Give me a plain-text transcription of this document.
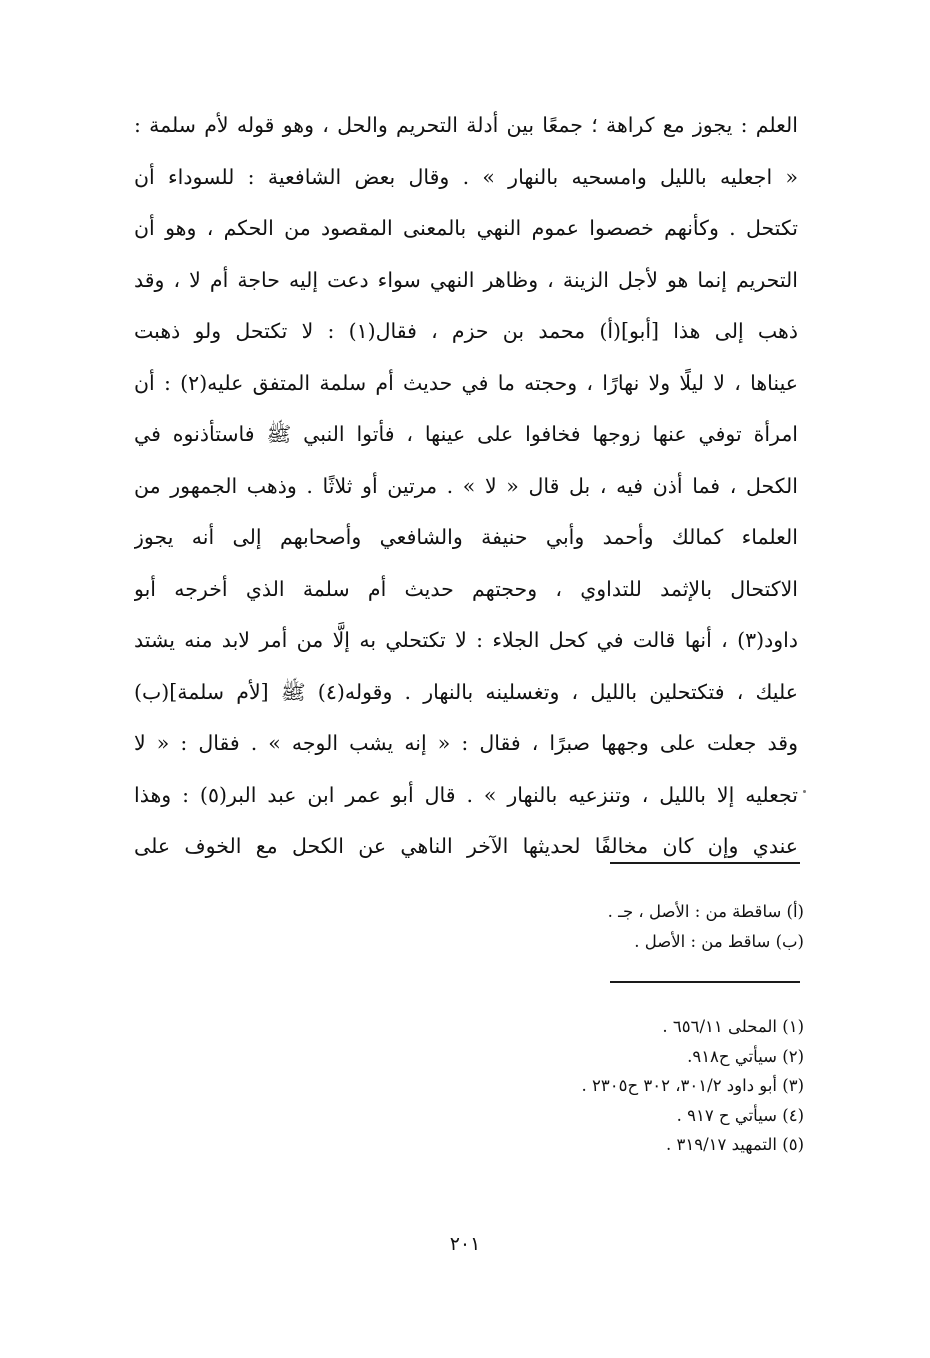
العلم : يجوز مع كراهة ؛ جمعًا بين أدلة التحريم والحل ، وهو قوله لأم سلمة :
« اجعليه بالليل وامسحيه بالنهار » . وقال بعض الشافعية : للسوداء أن
تكتحل . وكأنهم خصصوا عموم النهي بالمعنى المقصود من الحكم ، وهو أن
التحريم إنما هو لأجل الزينة ، وظاهر النهي سواء دعت إليه حاجة أم لا ، وقد
ذهب إلى هذا [أبو](أ) محمد بن حزم ، فقال(١) : لا تكتحل ولو ذهبت
عيناها ، لا ليلًا ولا نهارًا ، وحجته ما في حديث أم سلمة المتفق عليه(٢) : أن
امرأة توفي عنها زوجها فخافوا على عينها ، فأتوا النبي ﷺ فاستأذنوه في
الكحل ، فما أذن فيه ، بل قال « لا » . مرتين أو ثلاثًا . وذهب الجمهور من
العلماء كمالك وأحمد وأبي حنيفة والشافعي وأصحابهم إلى أنه يجوز
الاكتحال بالإثمد للتداوي ، وحجتهم حديث أم سلمة الذي أخرجه أبو
داود(٣) ، أنها قالت في كحل الجلاء : لا تكتحلي به إلَّا من أمر لابد منه يشتد
عليك ، فتكتحلين بالليل ، وتغسلينه بالنهار . وقوله(٤) ﷺ [لأم سلمة](ب)
وقد جعلت على وجهها صبرًا ، فقال : « إنه يشب الوجه » . فقال : « لا
تجعليه إلا بالليل ، وتنزعيه بالنهار » . قال أبو عمر ابن عبد البر(٥) : وهذا
عندي وإن كان مخالفًا لحديثها الآخر الناهي عن الكحل مع الخوف على
(أ) ساقطة من : الأصل ، جـ .
(ب) ساقط من : الأصل .
(١) المحلى ٦٥٦/١١ .
(٢) سيأتي ح٩١٨.
(٣) أبو داود ٣٠١/٢، ٣٠٢ ح٢٣٠٥ .
(٤) سيأتي ح ٩١٧ .
(٥) التمهيد ٣١٩/١٧ .
٢٠١
